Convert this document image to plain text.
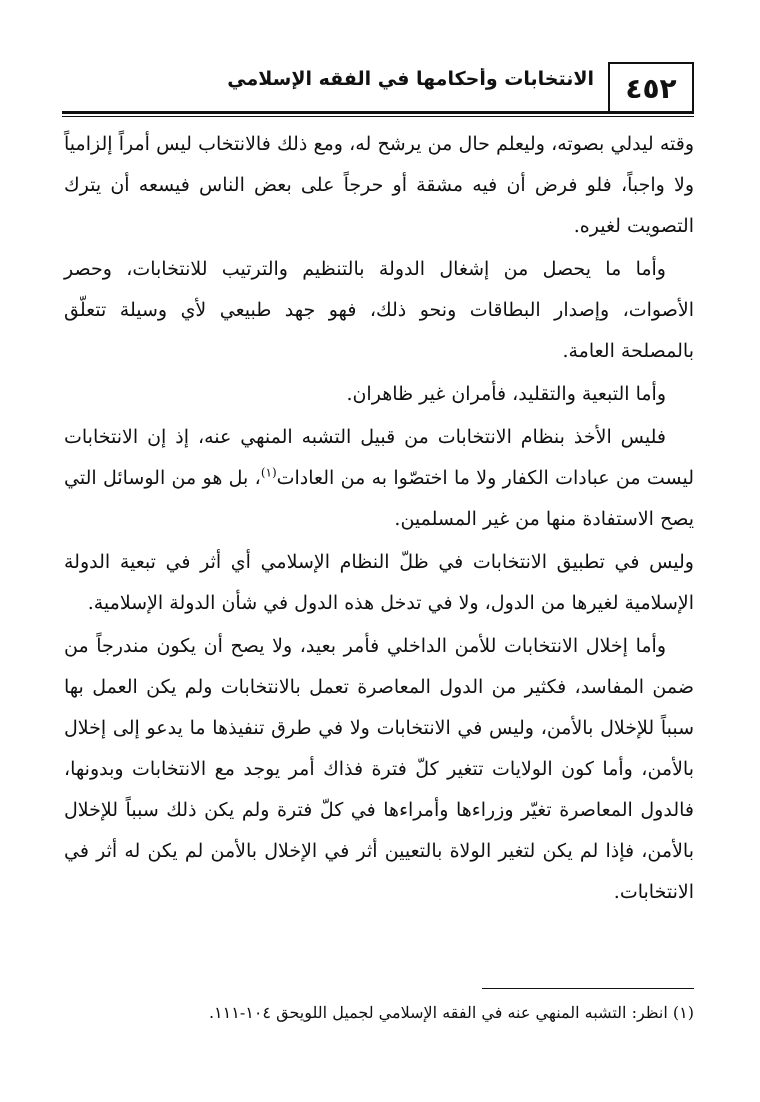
٤٥٢
الانتخابات وأحكامها في الفقه الإسلامي

وقته ليدلي بصوته، وليعلم حال من يرشح له، ومع ذلك فالانتخاب ليس أمراً إلزامياً ولا واجباً، فلو فرض أن فيه مشقة أو حرجاً على بعض الناس فيسعه أن يترك التصويت لغيره.

وأما ما يحصل من إشغال الدولة بالتنظيم والترتيب للانتخابات، وحصر الأصوات، وإصدار البطاقات ونحو ذلك، فهو جهد طبيعي لأي وسيلة تتعلّق بالمصلحة العامة.

وأما التبعية والتقليد، فأمران غير ظاهران.

فليس الأخذ بنظام الانتخابات من قبيل التشبه المنهي عنه، إذ إن الانتخابات ليست من عبادات الكفار ولا ما اختصّوا به من العادات$^{(١)}$، بل هو من الوسائل التي يصح الاستفادة منها من غير المسلمين.

وليس في تطبيق الانتخابات في ظلّ النظام الإسلامي أي أثر في تبعية الدولة الإسلامية لغيرها من الدول، ولا في تدخل هذه الدول في شأن الدولة الإسلامية.

وأما إخلال الانتخابات للأمن الداخلي فأمر بعيد، ولا يصح أن يكون مندرجاً من ضمن المفاسد، فكثير من الدول المعاصرة تعمل بالانتخابات ولم يكن العمل بها سبباً للإخلال بالأمن، وليس في الانتخابات ولا في طرق تنفيذها ما يدعو إلى إخلال بالأمن، وأما كون الولايات تتغير كلّ فترة فذاك أمر يوجد مع الانتخابات وبدونها، فالدول المعاصرة تغيّر وزراءها وأمراءها في كلّ فترة ولم يكن ذلك سبباً للإخلال بالأمن، فإذا لم يكن لتغير الولاة بالتعيين أثر في الإخلال بالأمن لم يكن له أثر في الانتخابات.

(١) انظر: التشبه المنهي عنه في الفقه الإسلامي لجميل اللويحق ١٠٤-١١١.
